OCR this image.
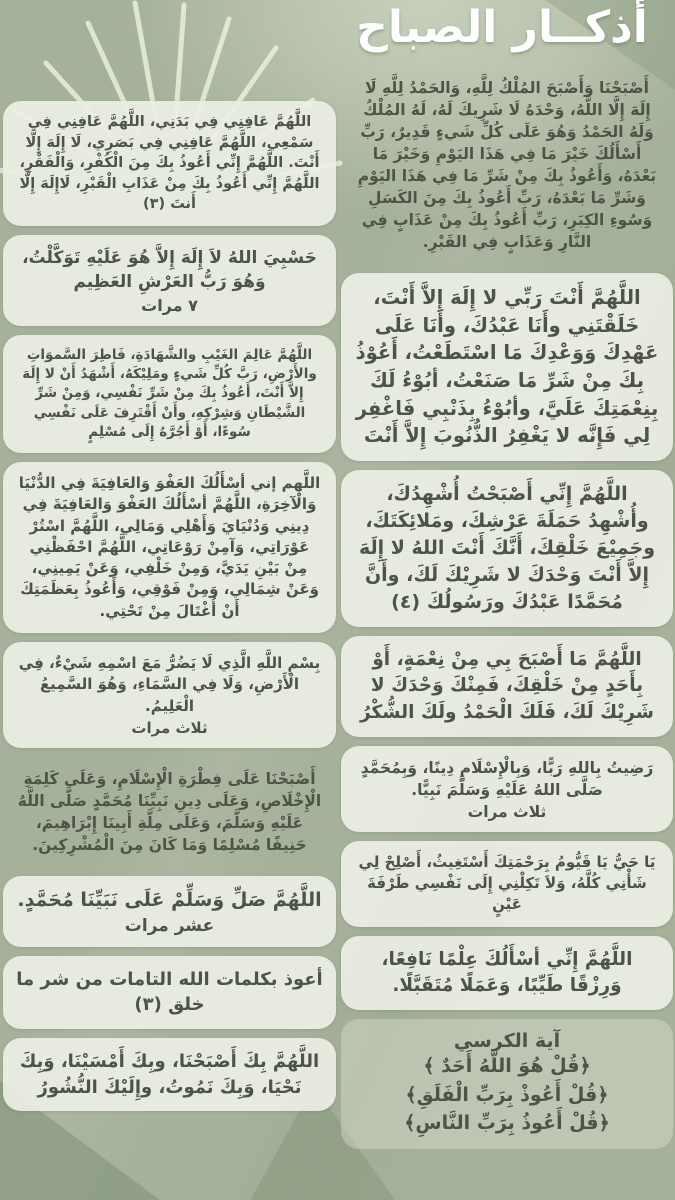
أذكــار الصباح
أَصْبَحْنَا وَأَصْبَحَ المُلْكُ لِلَّهِ، وَالحَمْدُ لِلَّهِ لَا إِلَهَ إِلَّا اللَّهُ، وَحْدَهُ لَا شَرِيكَ لَهُ، لَهُ المُلْكُ وَلَهُ الحَمْدُ وَهُوَ عَلَى كُلِّ شَيءٍ قَدِيرٌ، رَبِّ أَسْأَلُكَ خَيْرَ مَا فِي هَذَا اليَوْمِ وَخَيْرَ مَا بَعْدَهُ، وَأَعُوذُ بِكَ مِنْ شَرِّ مَا فِي هَذَا اليَوْمِ وَشَرِّ مَا بَعْدَهُ، رَبِّ أَعُوذُ بِكَ مِنَ الكَسَلِ وَسُوءِ الكِبَرِ، رَبِّ أَعُوذُ بِكَ مِنْ عَذَابٍ فِي النَّارِ وَعَذَابٍ فِي القَبْرِ.
اللَّهُمَّ أَنْتَ رَبِّي لا إِلَهَ إِلاَّ أَنْتَ، خَلَقْتَنِي وأَنَا عَبْدُكَ، وأَنَا عَلَى عَهْدِكَ وَوَعْدِكَ مَا اسْتَطَعْتُ، أَعُوْذُ بِكَ مِنْ شَرِّ مَا صَنَعْتُ، أبُوْءُ لَكَ بِنِعْمَتِكَ عَلَيَّ، وأبُوْءُ بِذَنْبِي فَاغْفِر لِي فَإِنَّه لا يَغْفِرُ الذُّنُوبَ إِلاَّ أَنْتَ
اللَّهُمَّ إِنِّي أَصْبَحْتُ أُشْهِدُكَ، وأُشْهِدُ حَمَلَةَ عَرْشِكَ، ومَلائِكَتَكَ، وجَمِيْعَ خَلْقِكَ، أَنَّكَ أَنْتَ اللهُ لا إِلَهَ إِلاَّ أَنْتَ وَحْدَكَ لا شَرِيْكَ لَكَ، وأَنَّ مُحَمَّدًا عَبْدُكَ ورَسُولُكَ (٤)
اللَّهُمَّ مَا أَصْبَحَ بِي مِنْ نِعْمَةٍ، أَوْ بِأَحَدٍ مِنْ خَلْقِكَ، فَمِنْكَ وَحْدَكَ لا شَرِيْكَ لَكَ، فَلَكَ الْحَمْدُ ولَكَ الشُّكْرُ
رَضِيتُ بِاللهِ رَبًّا، وَبِالْإِسْلَامِ دِينًا، وَبِمُحَمَّدٍ صَلَّى اللهُ عَلَيْهِ وَسَلَّمَ نَبِيًّا.
ثلاث مرات
يَا حَيُّ يَا قَيُّومُ بِرَحْمَتِكَ أَسْتَغِيثُ، أَصْلِحْ لِي شَأْنِي كُلَّهُ، وَلاَ تَكِلْنِي إِلَى نَفْسِي طَرْفَةَ عَيْنٍ
اللَّهُمَّ إِنِّي أسْأَلُكَ عِلْمًا نَافِعًا، وَرِزْقًا طَيِّبًا، وَعَمَلًا مُتَقَبَّلًا.
آية الكرسي
﴿قُلْ هُوَ اللَّهُ أَحَدٌ ﴾
﴿قُلْ أَعُوذْ بِرَبِّ الْفَلَقِ﴾
﴿قُلْ أَعُوذُ بِرَبِّ النَّاسِ﴾
اللَّهُمَّ عَافِنِي فِي بَدَنِي، اللَّهُمَّ عَافِنِي فِي سَمْعِي، اللَّهُمَّ عَافِنِي فِي بَصَرِي، لَا إِلَهَ إِلَّا أَنْتَ. اللَّهُمَّ إِنِّي أَعُوذُ بِكَ مِنَ الْكُفْرِ، وَالْفَقْرِ، اللَّهُمَّ إِنِّي أَعُوذُ بِكَ مِنْ عَذَابِ الْقَبْرِ، لَاإِلَهَ إِلَّا أَنتَ (٣)
حَسْبِيَ اللهُ لاَ إِلَهَ إِلاَّ هُوَ عَلَيْهِ تَوَكَّلْتُ، وَهُوَ رَبُّ العَرْشِ العَظِيم
٧ مرات
اللَّهُمَّ عَالِمَ الغَيْبِ والشَّهَادَةِ، فَاطِرَ السَّموَاتِ والأَرْضِ، رَبَّ كُلِّ شَيءٍ ومَلِيْكَهُ، أَشْهَدُ أَنْ لا إِلَهَ إِلاَّ أَنْتَ، أَعُوذُ بِكَ مِنْ شَرِّ نَفْسِي، وَمِنْ شَرِّ الشَّيْطَانِ وَشِرْكِهِ، وأَنْ أَقْتَرِفَ عَلَى نَفْسِي سُوءًا، أَوْ أَجُرَّهُ إِلَى مُسْلِمٍ
اللَّهم إني أسْأَلُكَ العَفْوَ وَالعَافِيَةَ فِي الدُّنْيَا وَالْآخِرَةِ، اللَّهُمَّ أسْأَلُكَ العَفْوَ وَالعَافِيَةَ فِي دِينِي وَدُنْيَايَ وَأَهْلِي وَمَالِي، اللَّهُمَّ اسْتُرْ عَوْرَاتِي، وَآمِنْ رَوْعَاتِي، اللَّهُمَّ احْفَظْنِي مِنْ بَيْنِ يَدَيَّ، وَمِنْ خَلْفِي، وَعَنْ يَمِينِي، وَعَنْ شِمَالِي، وَمِنْ فَوْقِي، وَأَعُوذُ بِعَظَمَتِكَ أَنْ أُغْتَالَ مِنْ تَحْتِي.
بِسْمِ اللَّهِ الَّذِي لَا يَضُرُّ مَعَ اسْمِهِ شَيْءٌ، فِي الْأَرْضِ، وَلَا فِي السَّمَاءِ، وَهُوَ السَّمِيعُ الْعَلِيمُ.
ثلاث مرات
أَصْبَحْنَا عَلَى فِطْرَةِ الْإِسْلَامِ، وَعَلَى كَلِمَةِ الْإِخْلَاصِ، وَعَلَى دِينِ نَبِيِّنَا مُحَمَّدٍ صَلَّى اللَّهُ عَلَيْهِ وَسَلَّمَ، وَعَلَى مِلَّةِ أَبِينَا إِبْرَاهِيمَ، حَنِيفًا مُسْلِمًا وَمَا كَانَ مِنَ الْمُشْرِكِينَ.
اللَّهُمَّ صَلِّ وَسَلِّمْ عَلَى نَبَيِّنَا مُحَمَّدٍ.
عشر مرات
أعوذ بكلمات الله التامات من شر ما خلق (٣)
اللَّهُمَّ بِكَ أَصْبَحْنَا، وبِكَ أَمْسَيْنَا، وَبِكَ نَحْيَا، وَبِكَ نَمُوتُ، وإِلَيْكَ النُّشُورُ
